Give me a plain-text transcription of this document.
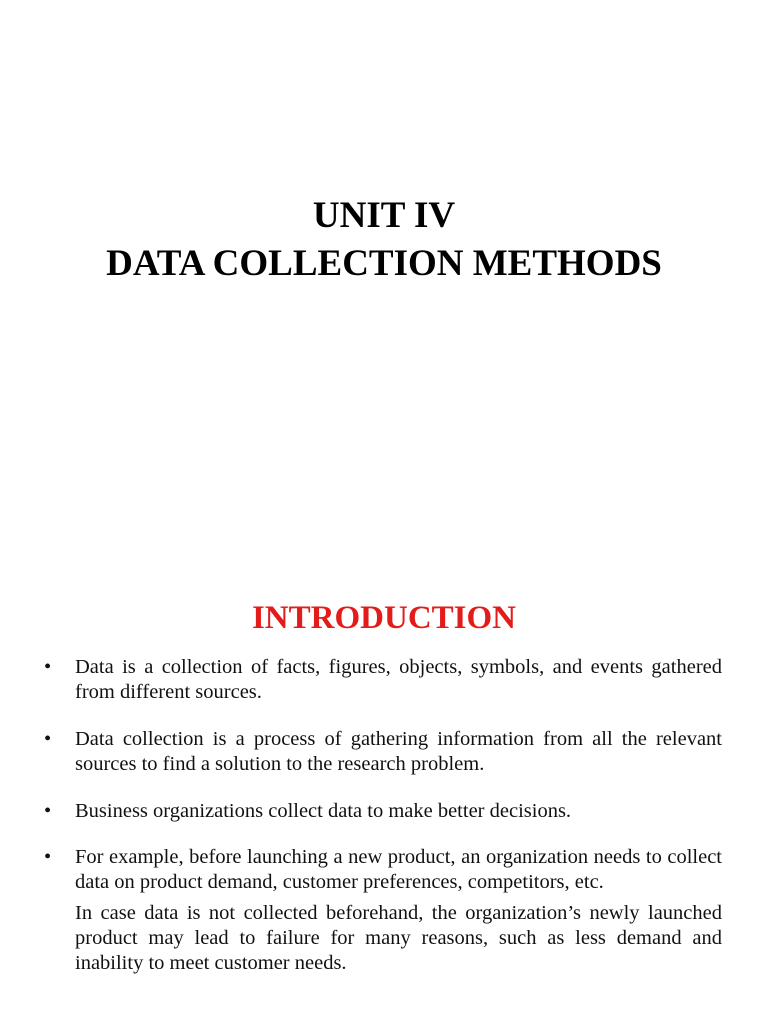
UNIT IV
DATA COLLECTION METHODS
INTRODUCTION
•	Data is a collection of facts, figures, objects, symbols, and events gathered from different sources.
•	Data collection is a process of gathering information from all the relevant sources to find a solution to the research problem.
•	Business organizations collect data to make better decisions.
•	For example, before launching a new product, an organization needs to collect data on product demand, customer preferences, competitors, etc.
In case data is not collected beforehand, the organization’s newly launched product may lead to failure for many reasons, such as less demand and inability to meet customer needs.
